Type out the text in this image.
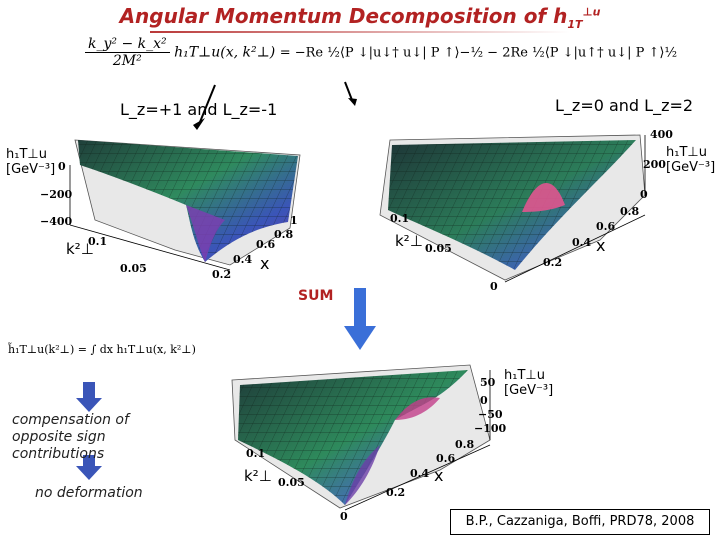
Angular Momentum Decomposition of $h_{1T}^{\perp u}$
$\frac{\text{k\_y² − k\_x²}}{\text{2M²}}$ h₁T⊥u(x, k²⊥) = −Re ½⟨P ↓|u↓† u↓| P ↑⟩−½ − 2Re ½⟨P ↓|u↑† u↓| P ↑⟩½
L_z=+1 and L_z=-1	L_z=0 and L_z=2
h₁T⊥u
[GeV⁻³] 0
−200
−400
0.1
0.05
k²⊥
1
0.8
0.6
0.4
0.2
x
h₁T⊥u
[GeV⁻³]
400
200
0
0.1
0.05
0
k²⊥
0.8
0.6
0.4
0.2
x
SUM
h̃₁T⊥u(k²⊥) = ∫ dx h₁T⊥u(x, k²⊥)
compensation of opposite sign contributions
no deformation
h₁T⊥u
[GeV⁻³]
50
0
−50
−100
0.1
0.05
0
k²⊥
0.8
0.6
0.4
0.2
x
B.P., Cazzaniga, Boffi, PRD78, 2008
